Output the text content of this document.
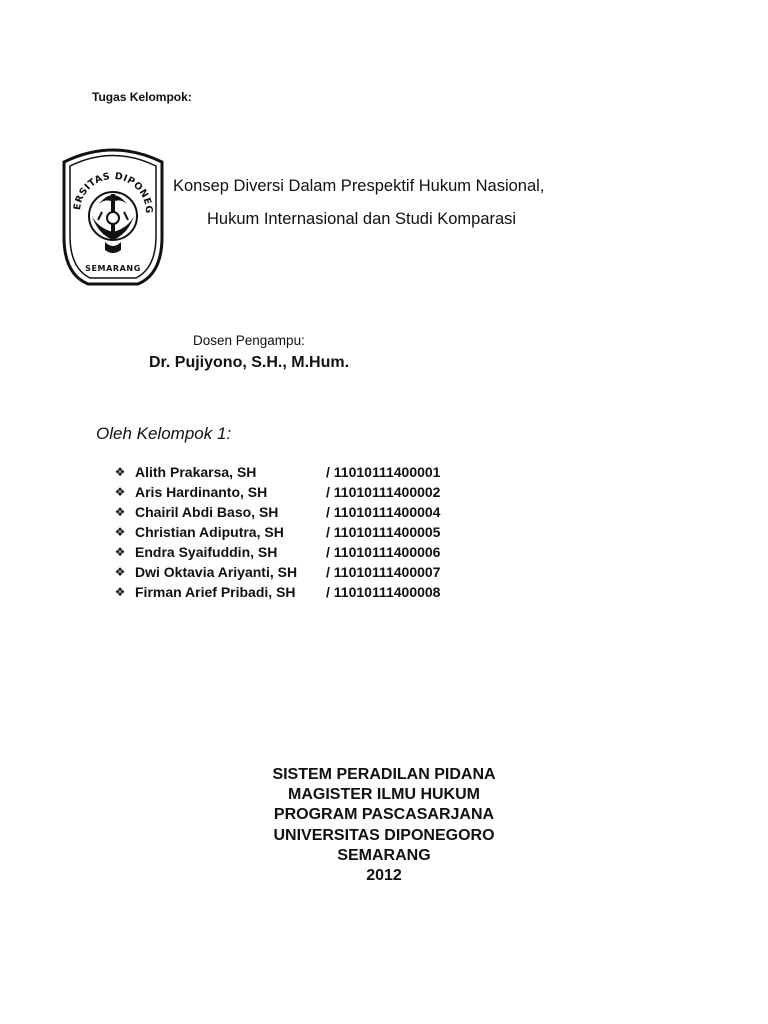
Tugas Kelompok:
ERSITAS DIPONEG
SEMARANG
Konsep Diversi Dalam Prespektif Hukum Nasional,
Hukum Internasional dan Studi Komparasi
Dosen Pengampu:
Dr. Pujiyono, S.H., M.Hum.
Oleh Kelompok 1:
❖ Alith Prakarsa, SH	/ 11010111400001
❖ Aris Hardinanto, SH	/ 11010111400002
❖ Chairil Abdi Baso, SH	/ 11010111400004
❖ Christian Adiputra, SH	/ 11010111400005
❖ Endra Syaifuddin, SH	/ 11010111400006
❖ Dwi Oktavia Ariyanti, SH / 11010111400007
❖ Firman Arief Pribadi, SH / 11010111400008
SISTEM PERADILAN PIDANA
MAGISTER ILMU HUKUM
PROGRAM PASCASARJANA
UNIVERSITAS DIPONEGORO
SEMARANG
2012
